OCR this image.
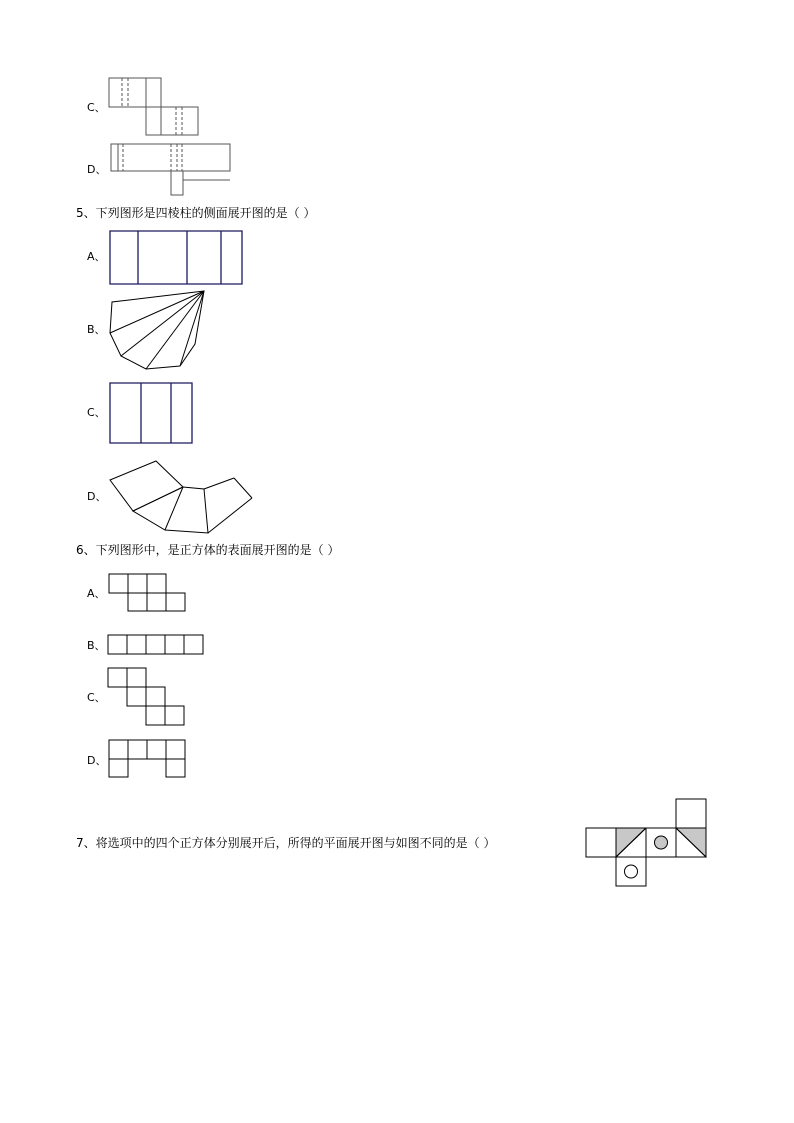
C、
D、
5、下列图形是四棱柱的侧面展开图的是（ ）
A、
B、
C、
D、
6、下列图形中，是正方体的表面展开图的是（ ）
A、
B、
C、
D、
7、将选项中的四个正方体分别展开后，所得的平面展开图与如图不同的是（ ）
